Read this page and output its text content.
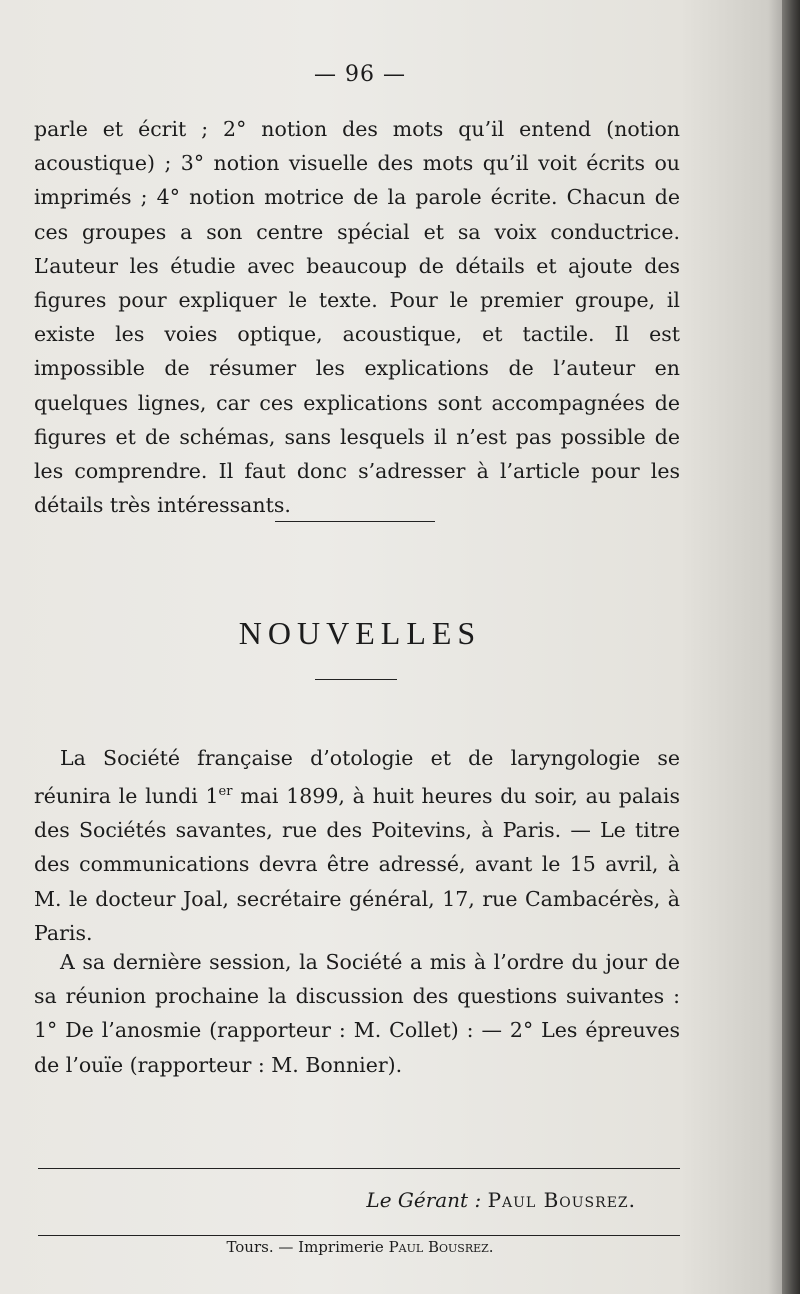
— 96 —

parle et écrit ; 2° notion des mots qu’il entend (notion acoustique) ; 3° notion visuelle des mots qu’il voit écrits ou imprimés ; 4° notion motrice de la parole écrite. Chacun de ces groupes a son centre spécial et sa voix conductrice. L’auteur les étudie avec beaucoup de détails et ajoute des figures pour expliquer le texte. Pour le premier groupe, il existe les voies optique, acoustique, et tactile. Il est impossible de résumer les explications de l’auteur en quelques lignes, car ces explications sont accompagnées de figures et de schémas, sans lesquels il n’est pas possible de les comprendre. Il faut donc s’adresser à l’article pour les détails très intéressants.

NOUVELLES

La Société française d’otologie et de laryngologie se réunira le lundi 1er mai 1899, à huit heures du soir, au palais des Sociétés savantes, rue des Poitevins, à Paris. — Le titre des communications devra être adressé, avant le 15 avril, à M. le docteur Joal, secrétaire général, 17, rue Cambacérès, à Paris.

A sa dernière session, la Société a mis à l’ordre du jour de sa réunion prochaine la discussion des questions suivantes : 1° De l’anosmie (rapporteur : M. Collet) : — 2° Les épreuves de l’ouïe (rapporteur : M. Bonnier).

Le Gérant : Paul Bousrez.
Tours. — Imprimerie Paul Bousrez.
